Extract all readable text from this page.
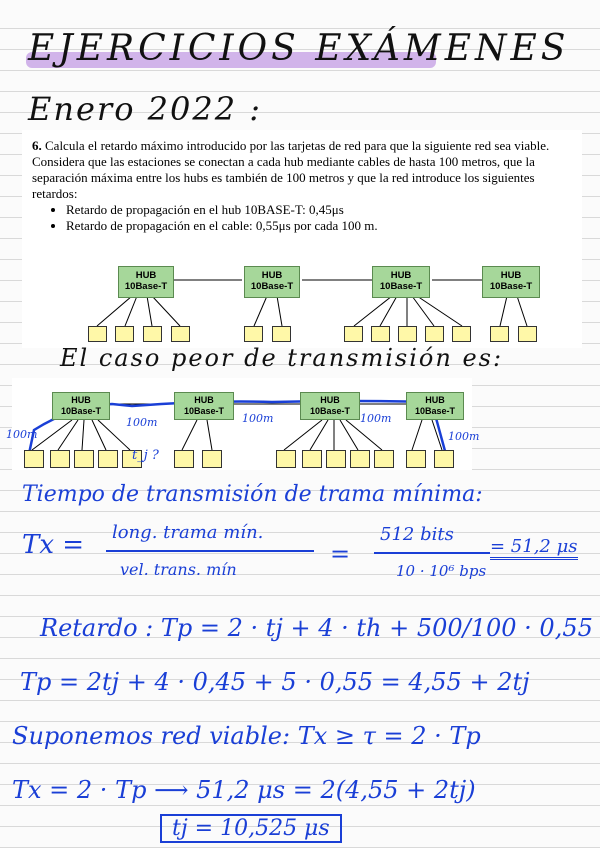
EJERCICIOS EXÁMENES
Enero 2022 :
6. Calcula el retardo máximo introducido por las tarjetas de red para que la siguiente red sea viable. Considera que las estaciones se conectan a cada hub mediante cables de hasta 100 metros, que la separación máxima entre los hubs es también de 100 metros y que la red introduce los siguientes retardos:
• Retardo de propagación en el hub 10BASE-T: 0,45μs
• Retardo de propagación en el cable: 0,55μs por cada 100 m.
HUB
10Base-T
HUB
10Base-T
HUB
10Base-T
HUB
10Base-T
El caso peor de transmisión es:
HUB
10Base-T
HUB
10Base-T
HUB
10Base-T
HUB
10Base-T
100m
100m	100m	100m
100m
t_j ?
Tiempo de transmisión de trama mínima:
Tx = long. trama mín.
vel. trans. mín
=
512 bits
10 · 10⁶ bps
= 51,2 μs
Retardo : Tp = 2 · tj + 4 · th + 500/100 · 0,55
Tp = 2tj + 4 · 0,45 + 5 · 0,55 = 4,55 + 2tj
Suponemos red viable: Tx ≥ τ = 2 · Tp
Tx = 2 · Tp ⟶ 51,2 μs = 2(4,55 + 2tj)
tj = 10,525 μs
